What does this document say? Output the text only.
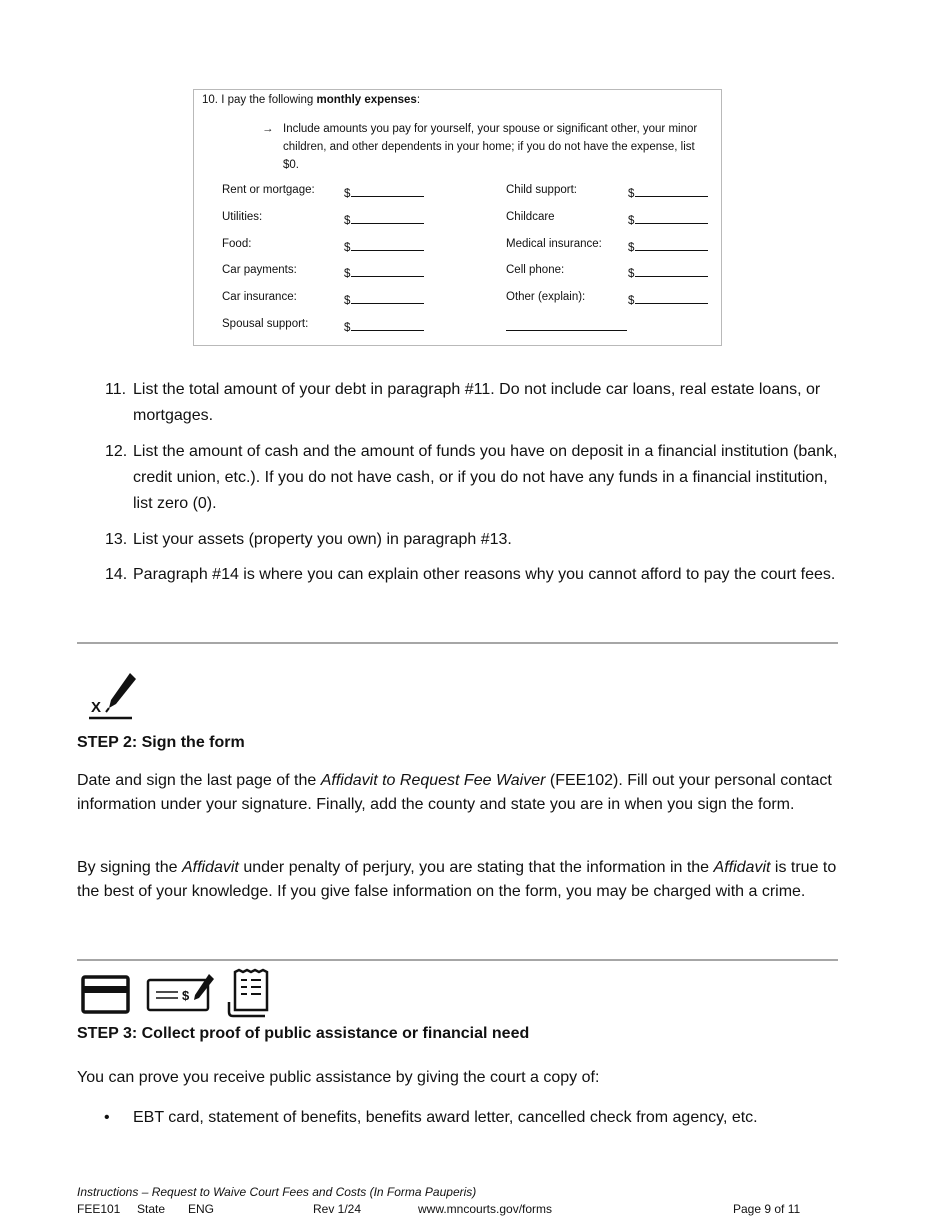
10. I pay the following monthly expenses:
→ Include amounts you pay for yourself, your spouse or significant other, your minor children, and other dependents in your home; if you do not have the expense, list $0.
Rent or mortgage:	$
Utilities:	$
Food:	$
Car payments:	$
Car insurance:	$
Spousal support:	$
Child support:	$
Childcare	$
Medical insurance: $
Cell phone:	$
Other (explain):	$
11. List the total amount of your debt in paragraph #11. Do not include car loans, real estate loans, or mortgages.
12. List the amount of cash and the amount of funds you have on deposit in a financial institution (bank, credit union, etc.). If you do not have cash, or if you do not have any funds in a financial institution, list zero (0).
13. List your assets (property you own) in paragraph #13.
14. Paragraph #14 is where you can explain other reasons why you cannot afford to pay the court fees.
X
STEP 2: Sign the form
Date and sign the last page of the Affidavit to Request Fee Waiver (FEE102). Fill out your personal contact information under your signature. Finally, add the county and state you are in when you sign the form.
By signing the Affidavit under penalty of perjury, you are stating that the information in the Affidavit is true to the best of your knowledge. If you give false information on the form, you may be charged with a crime.
$
STEP 3: Collect proof of public assistance or financial need
You can prove you receive public assistance by giving the court a copy of:
• EBT card, statement of benefits, benefits award letter, cancelled check from agency, etc.
Instructions – Request to Waive Court Fees and Costs (In Forma Pauperis)
FEE101 State ENG	Rev 1/24	www.mncourts.gov/forms	Page 9 of 11
